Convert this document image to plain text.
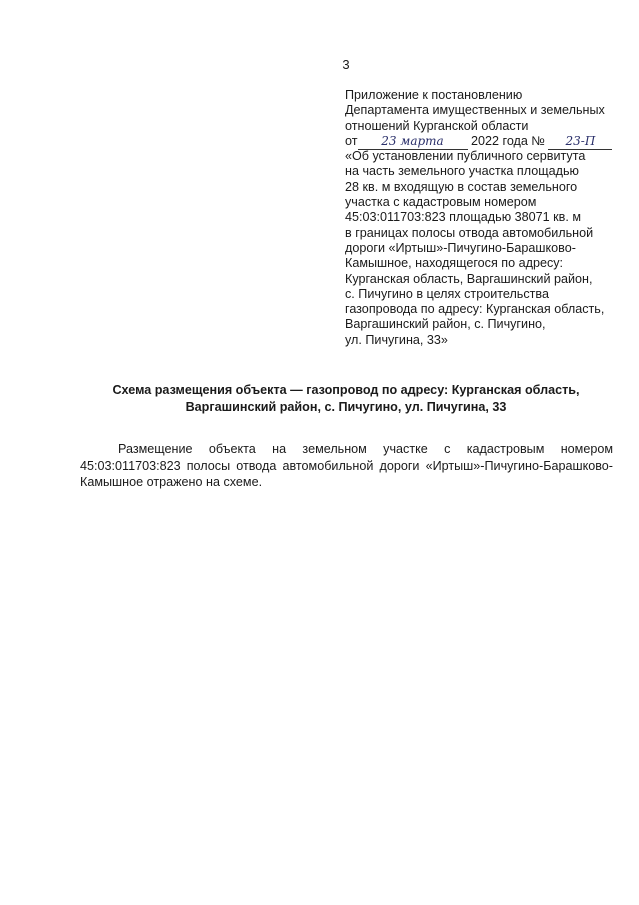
3
Приложение к постановлению
Департамента имущественных и земельных
отношений Курганской области
от 23 марта 2022 года № 23-П
«Об установлении публичного сервитута
на часть земельного участка площадью
28 кв. м входящую в состав земельного
участка с кадастровым номером
45:03:011703:823 площадью 38071 кв. м
в границах полосы отвода автомобильной
дороги «Иртыш»-Пичугино-Барашково-
Камышное, находящегося по адресу:
Курганская область, Варгашинский район,
с. Пичугино в целях строительства
газопровода по адресу: Курганская область,
Варгашинский район, с. Пичугино,
ул. Пичугина, 33»
Схема размещения объекта — газопровод по адресу: Курганская область,
Варгашинский район, с. Пичугино, ул. Пичугина, 33
Размещение объекта на земельном участке с кадастровым номером 45:03:011703:823 полосы отвода автомобильной дороги «Иртыш»-Пичугино-Барашково-Камышное отражено на схеме.
